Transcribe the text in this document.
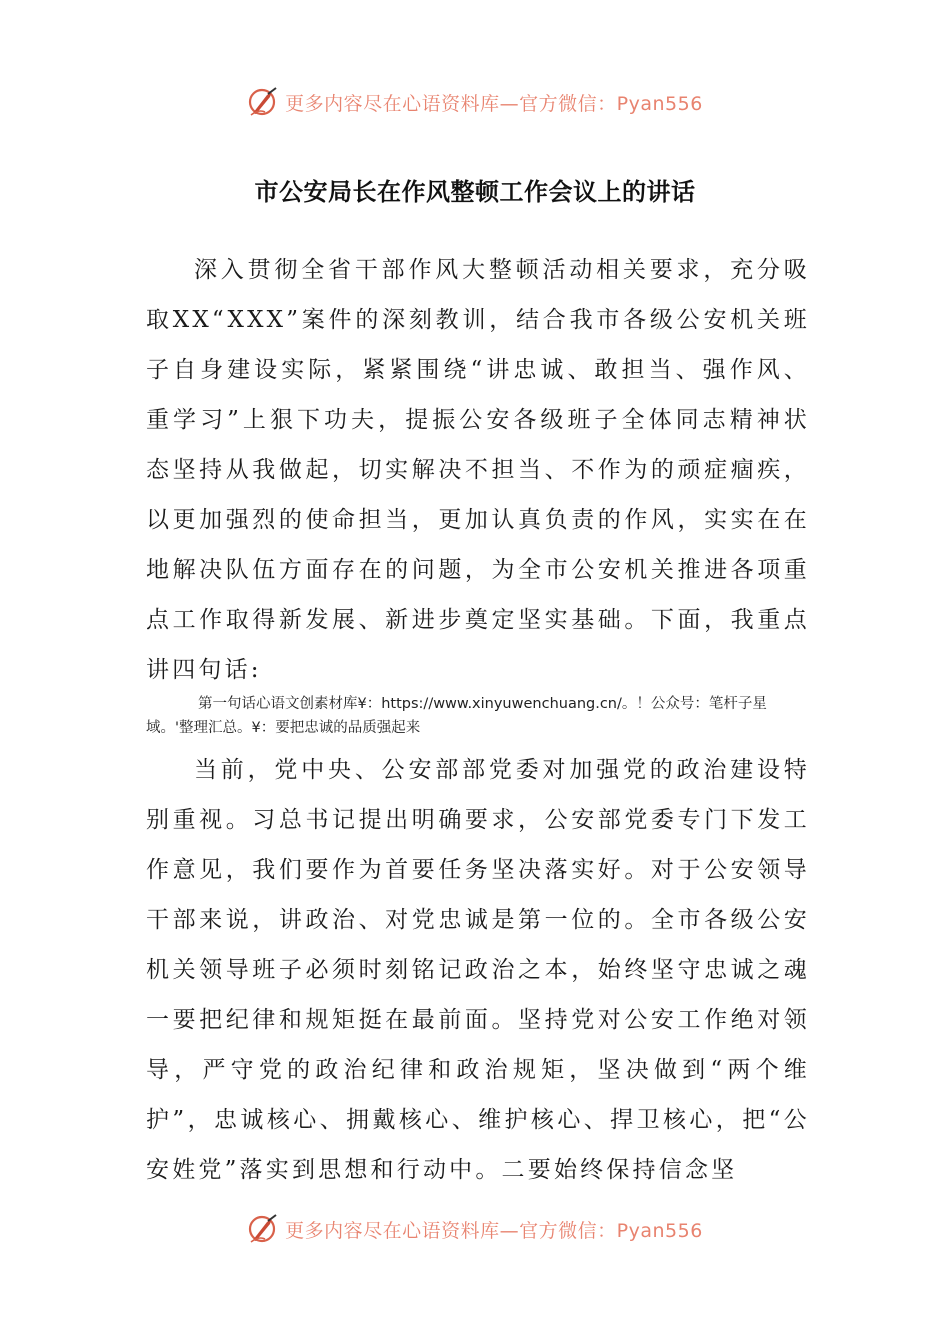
更多内容尽在心语资料库—官方微信：Pyan556
市公安局长在作风整顿工作会议上的讲话
深入贯彻全省干部作风大整顿活动相关要求，充分吸取XX“XXX”案件的深刻教训，结合我市各级公安机关班子自身建设实际，紧紧围绕“讲忠诚、敢担当、强作风、重学习”上狠下功夫，提振公安各级班子全体同志精神状态坚持从我做起，切实解决不担当、不作为的顽症痼疾，以更加强烈的使命担当，更加认真负责的作风，实实在在地解决队伍方面存在的问题，为全市公安机关推进各项重点工作取得新发展、新进步奠定坚实基础。下面，我重点讲四句话:
第一句话心语文创素材库¥：https://www.xinyuwenchuang.cn/。！公众号：笔杆子星域。'整理汇总。¥：要把忠诚的品质强起来
当前，党中央、公安部部党委对加强党的政治建设特别重视。习总书记提出明确要求，公安部党委专门下发工作意见，我们要作为首要任务坚决落实好。对于公安领导干部来说，讲政治、对党忠诚是第一位的。全市各级公安机关领导班子必须时刻铭记政治之本，始终坚守忠诚之魂一要把纪律和规矩挺在最前面。坚持党对公安工作绝对领导，严守党的政治纪律和政治规矩，坚决做到“两个维护”，忠诚核心、拥戴核心、维护核心、捍卫核心，把“公安姓党”落实到思想和行动中。二要始终保持信念坚
更多内容尽在心语资料库—官方微信：Pyan556
